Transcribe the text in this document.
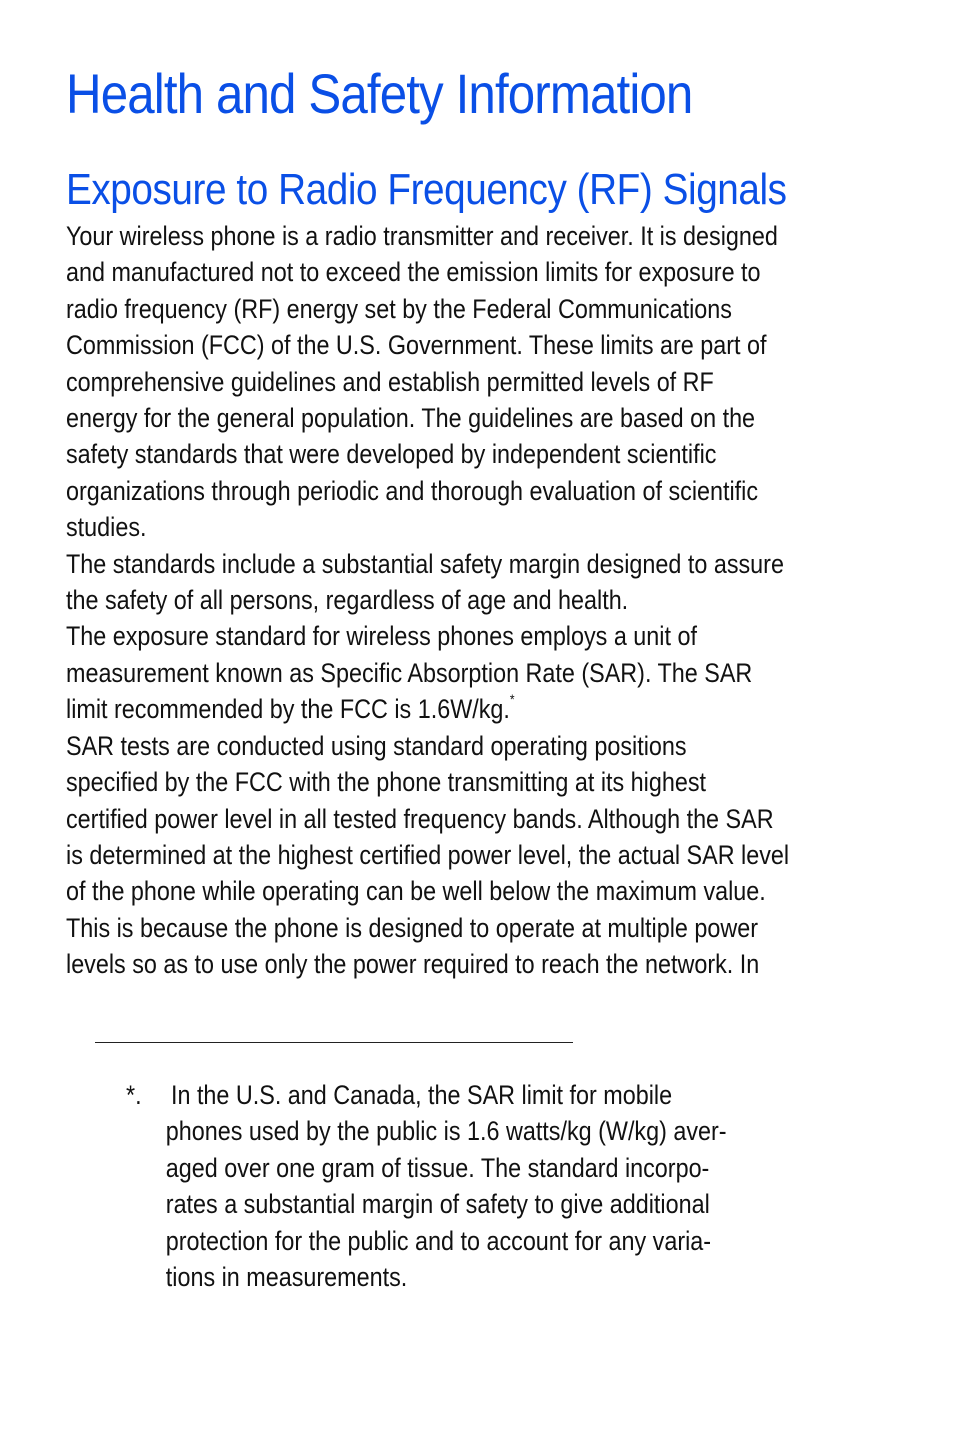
Health and Safety Information
Exposure to Radio Frequency (RF) Signals

Your wireless phone is a radio transmitter and receiver. It is designed
and manufactured not to exceed the emission limits for exposure to
radio frequency (RF) energy set by the Federal Communications
Commission (FCC) of the U.S. Government. These limits are part of
comprehensive guidelines and establish permitted levels of RF
energy for the general population. The guidelines are based on the
safety standards that were developed by independent scientific
organizations through periodic and thorough evaluation of scientific
studies.

The standards include a substantial safety margin designed to assure
the safety of all persons, regardless of age and health.

The exposure standard for wireless phones employs a unit of
measurement known as Specific Absorption Rate (SAR). The SAR
limit recommended by the FCC is 1.6W/kg.*

SAR tests are conducted using standard operating positions
specified by the FCC with the phone transmitting at its highest
certified power level in all tested frequency bands. Although the SAR
is determined at the highest certified power level, the actual SAR level
of the phone while operating can be well below the maximum value.
This is because the phone is designed to operate at multiple power
levels so as to use only the power required to reach the network. In

*. In the U.S. and Canada, the SAR limit for mobile
phones used by the public is 1.6 watts/kg (W/kg) aver-
aged over one gram of tissue. The standard incorpo-
rates a substantial margin of safety to give additional
protection for the public and to account for any varia-
tions in measurements.
